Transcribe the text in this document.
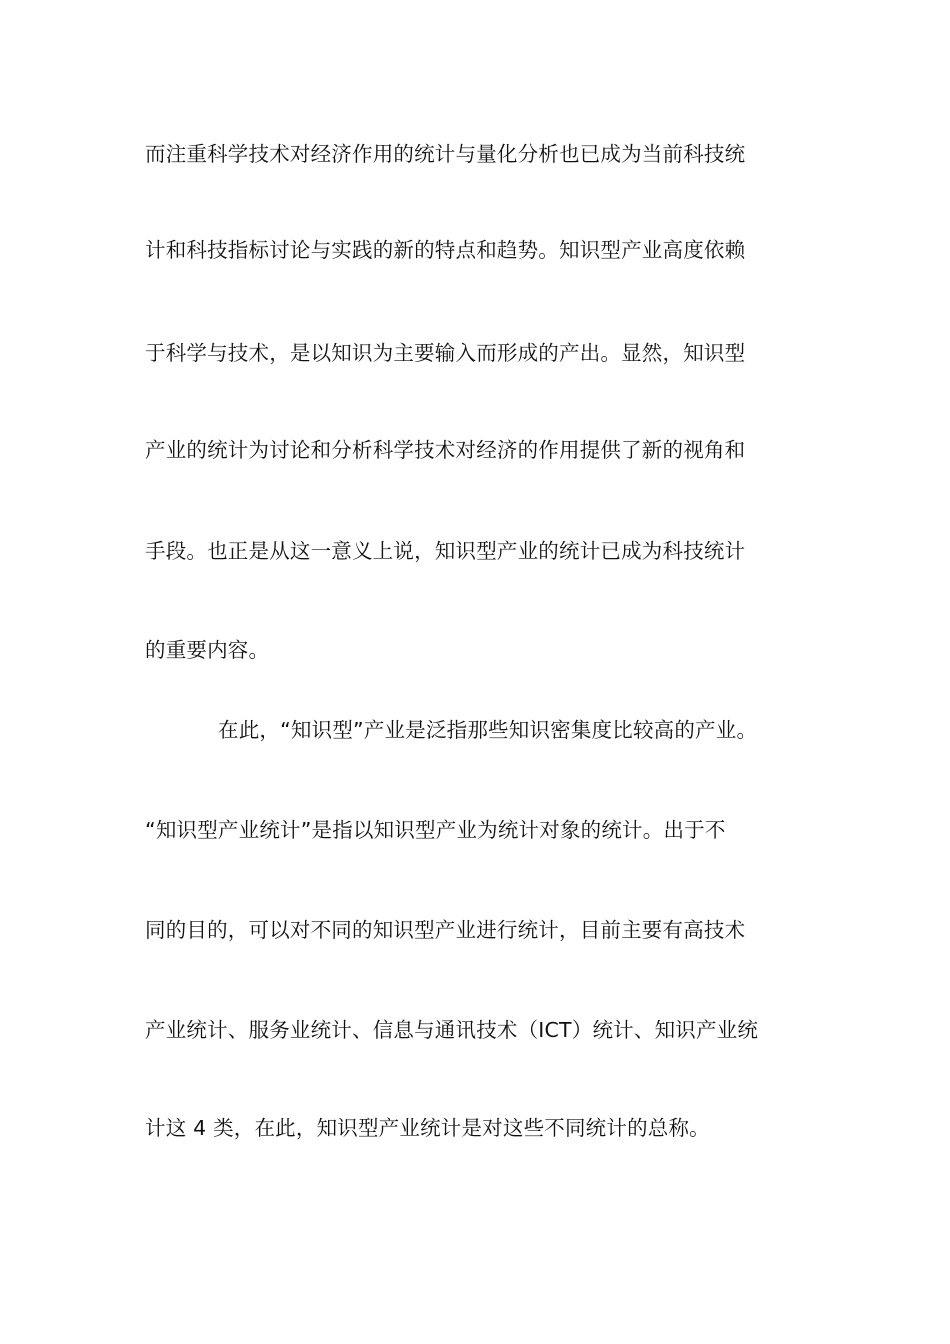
而注重科学技术对经济作用的统计与量化分析也已成为当前科技统
计和科技指标讨论与实践的新的特点和趋势。知识型产业高度依赖
于科学与技术，是以知识为主要输入而形成的产出。显然，知识型
产业的统计为讨论和分析科学技术对经济的作用提供了新的视角和
手段。也正是从这一意义上说，知识型产业的统计已成为科技统计
的重要内容。
在此，“知识型”产业是泛指那些知识密集度比较高的产业。
“知识型产业统计”是指以知识型产业为统计对象的统计。出于不
同的目的，可以对不同的知识型产业进行统计，目前主要有高技术
产业统计、服务业统计、信息与通讯技术（ICT）统计、知识产业统
计这 4 类，在此，知识型产业统计是对这些不同统计的总称。
